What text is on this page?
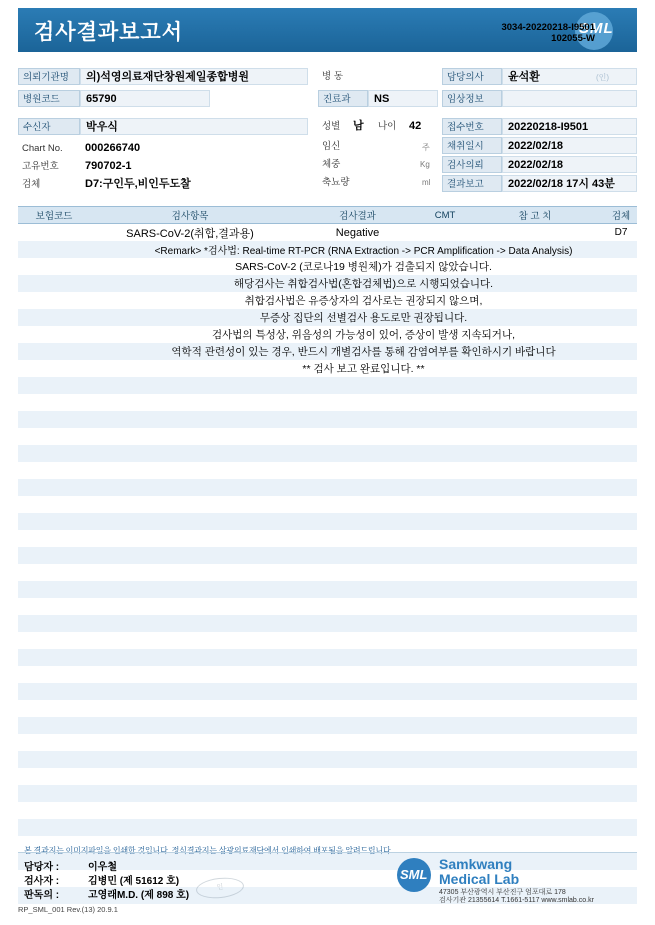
검사결과보고서	SML
3034-20220218-I9501
102055-W
의뢰기관명	의)석영의료재단창원제일종합병원
병원코드	65790
수신자	박우식
Chart No.	000266740
고유번호	790702-1
검체	D7:구인두,비인두도찰
병 동
진료과	NS
성별	남	나이	42
임신	주
체중	Kg
축뇨량	ml
담당의사	윤석환	(인)
임상정보
접수번호	20220218-I9501
채취일시	2022/02/18
검사의뢰	2022/02/18
결과보고	2022/02/18 17시 43분
보험코드	검사항목	검사결과	CMT	참 고 치	검체
SARS-CoV-2(취합,결과용)	Negative	D7
<Remark> *검사법: Real-time RT-PCR (RNA Extraction -> PCR Amplification -> Data Analysis)
SARS-CoV-2 (코로나19 병원체)가 검출되지 않았습니다.
해당검사는 취합검사법(혼합검체법)으로 시행되었습니다.
취합검사법은 유증상자의 검사로는 권장되지 않으며,
무증상 집단의 선별검사 용도로만 권장됩니다.
검사법의 특성상, 위음성의 가능성이 있어, 증상이 발생 지속되거나,
역학적 관련성이 있는 경우, 반드시 개별검사를 통해 감염여부를 확인하시기 바랍니다
** 검사 보고 완료입니다. **
본 결과지는 이미지파일을 인쇄한 것입니다. 정식결과지는 삼광의료재단에서 인쇄하여 배포됨을 알려드립니다.
담당자 :	이우철
검사자 :	김병민 (제 51612 호)
판독의 :	고영래M.D. (제 898 호)
인
SML
Samkwang
Medical Lab
47305 부산광역시 부산진구 엄포대로 178
검사기관 21355614 T.1661-5117 www.smlab.co.kr
RP_SML_001 Rev.(13) 20.9.1
